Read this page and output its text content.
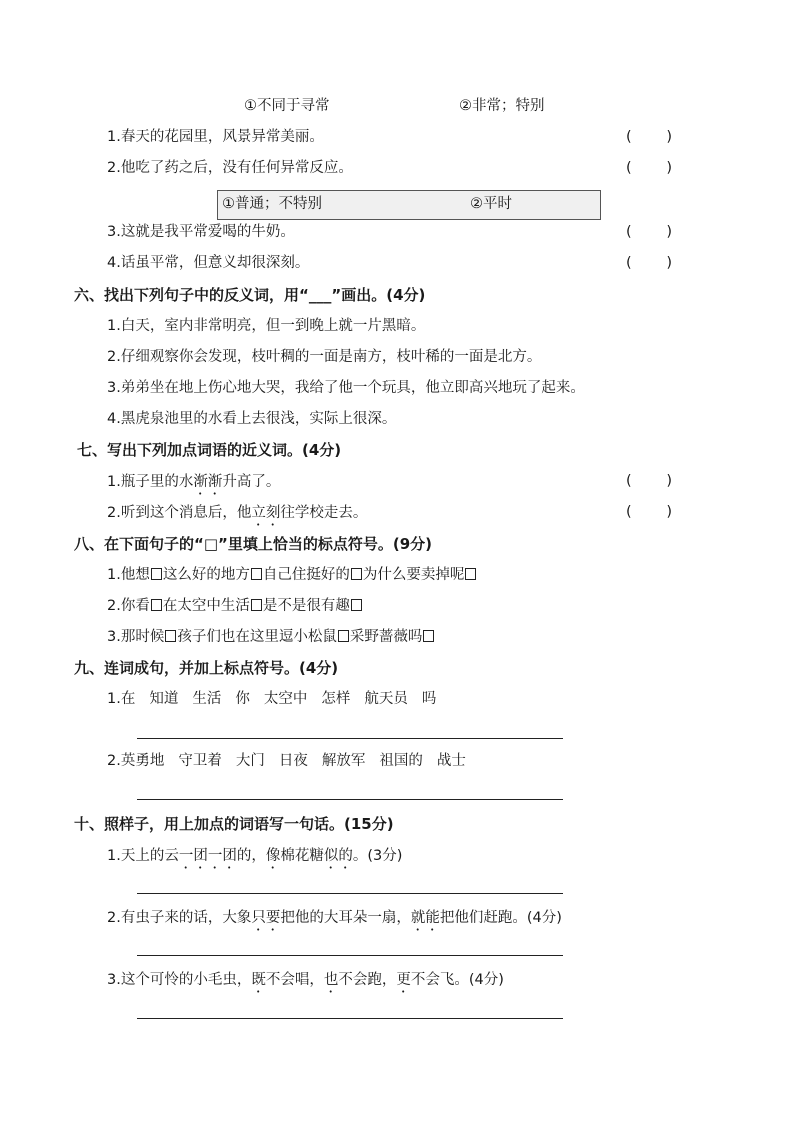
①不同于寻常	②非常；特别
1.春天的花园里，风景异常美丽。	( )
2.他吃了药之后，没有任何异常反应。	( )
①普通；不特别	②平时
3.这就是我平常爱喝的牛奶。	( )
4.话虽平常，但意义却很深刻。	( )
六、找出下列句子中的反义词，用“___”画出。(4分)
1.白天，室内非常明亮，但一到晚上就一片黑暗。
2.仔细观察你会发现，枝叶稠的一面是南方，枝叶稀的一面是北方。
3.弟弟坐在地上伤心地大哭，我给了他一个玩具，他立即高兴地玩了起来。
4.黑虎泉池里的水看上去很浅，实际上很深。
七、写出下列加点词语的近义词。(4分)
1.瓶子里的水渐渐升高了。	( )
2.听到这个消息后，他立刻往学校走去。	( )
八、在下面句子的“□”里填上恰当的标点符号。(9分)
1.他想 这么好的地方 自己住挺好的 为什么要卖掉呢
2.你看 在太空中生活 是不是很有趣
3.那时候 孩子们也在这里逗小松鼠 采野蔷薇吗
九、连词成句，并加上标点符号。(4分)
1.在 知道 生活 你 太空中 怎样 航天员 吗
2.英勇地 守卫着 大门 日夜 解放军 祖国的 战士
十、照样子，用上加点的词语写一句话。(15分)
1.天上的云一团一团的，像棉花糖似的。(3分)
2.有虫子来的话，大象只要把他的大耳朵一扇，就能把他们赶跑。(4分)
3.这个可怜的小毛虫，既不会唱，也不会跑，更不会飞。(4分)
